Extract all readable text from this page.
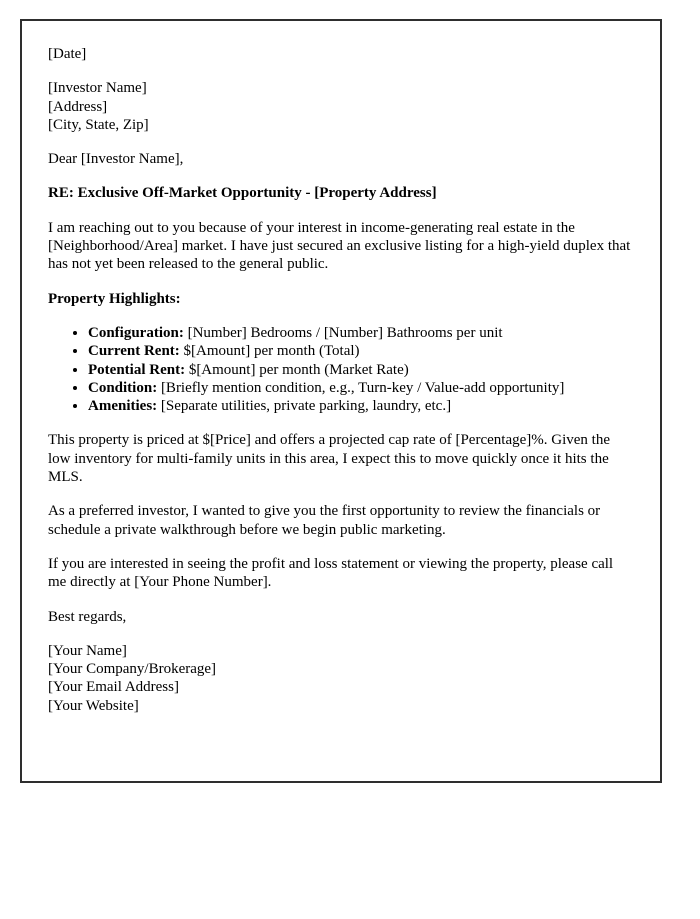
[Date]

[Investor Name]
[Address]
[City, State, Zip]

Dear [Investor Name],

RE: Exclusive Off-Market Opportunity - [Property Address]

I am reaching out to you because of your interest in income-generating real estate in the [Neighborhood/Area] market. I have just secured an exclusive listing for a high-yield duplex that has not yet been released to the general public.

Property Highlights:

• Configuration: [Number] Bedrooms / [Number] Bathrooms per unit
• Current Rent: $[Amount] per month (Total)
• Potential Rent: $[Amount] per month (Market Rate)
• Condition: [Briefly mention condition, e.g., Turn-key / Value-add opportunity]
• Amenities: [Separate utilities, private parking, laundry, etc.]

This property is priced at $[Price] and offers a projected cap rate of [Percentage]%. Given the low inventory for multi-family units in this area, I expect this to move quickly once it hits the MLS.

As a preferred investor, I wanted to give you the first opportunity to review the financials or schedule a private walkthrough before we begin public marketing.

If you are interested in seeing the profit and loss statement or viewing the property, please call me directly at [Your Phone Number].

Best regards,

[Your Name]
[Your Company/Brokerage]
[Your Email Address]
[Your Website]
